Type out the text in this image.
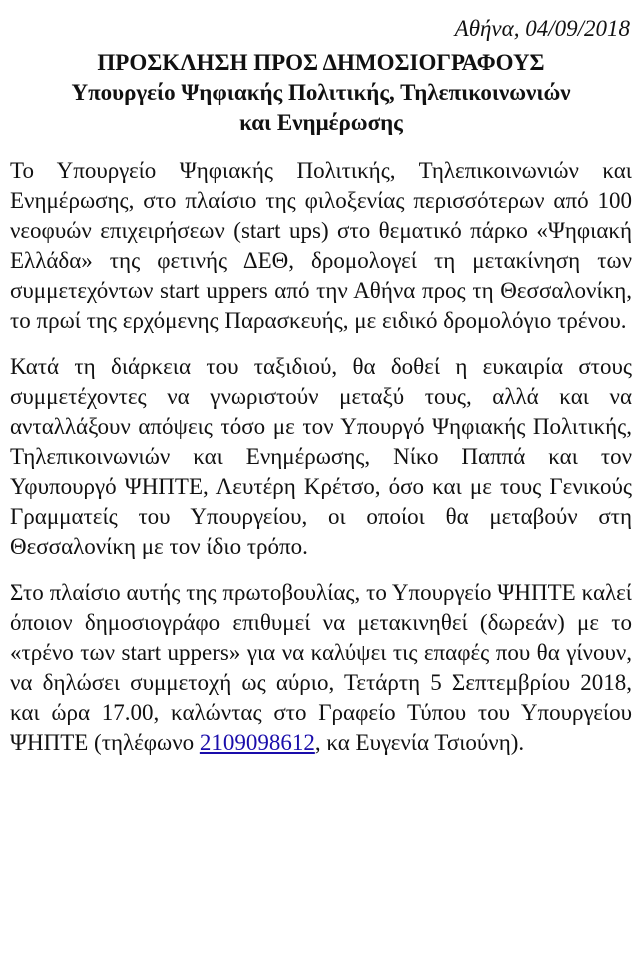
Αθήνα, 04/09/2018
ΠΡΟΣΚΛΗΣΗ ΠΡΟΣ ΔΗΜΟΣΙΟΓΡΑΦΟΥΣ
Υπουργείο Ψηφιακής Πολιτικής, Τηλεπικοινωνιών
και Ενημέρωσης

Το Υπουργείο Ψηφιακής Πολιτικής, Τηλεπικοινωνιών και Ενημέρωσης, στο πλαίσιο της φιλοξενίας περισσότερων από 100 νεοφυών επιχειρήσεων (start ups) στο θεματικό πάρκο «Ψηφιακή Ελλάδα» της φετινής ΔΕΘ, δρομολογεί τη μετακίνηση των συμμετεχόντων start uppers από την Αθήνα προς τη Θεσσαλονίκη, το πρωί της ερχόμενης Παρασκευής, με ειδικό δρομολόγιο τρένου.

Κατά τη διάρκεια του ταξιδιού, θα δοθεί η ευκαιρία στους συμμετέχοντες να γνωριστούν μεταξύ τους, αλλά και να ανταλλάξουν απόψεις τόσο με τον Υπουργό Ψηφιακής Πολιτικής, Τηλεπικοινωνιών και Ενημέρωσης, Νίκο Παππά και τον Υφυπουργό ΨΗΠΤΕ, Λευτέρη Κρέτσο, όσο και με τους Γενικούς Γραμματείς του Υπουργείου, οι οποίοι θα μεταβούν στη Θεσσαλονίκη με τον ίδιο τρόπο.

Στο πλαίσιο αυτής της πρωτοβουλίας, το Υπουργείο ΨΗΠΤΕ καλεί όποιον δημοσιογράφο επιθυμεί να μετακινηθεί (δωρεάν) με το «τρένο των start uppers» για να καλύψει τις επαφές που θα γίνουν, να δηλώσει συμμετοχή ως αύριο, Τετάρτη 5 Σεπτεμβρίου 2018, και ώρα 17.00, καλώντας στο Γραφείο Τύπου του Υπουργείου ΨΗΠΤΕ (τηλέφωνο 2109098612, κα Ευγενία Τσιούνη).
